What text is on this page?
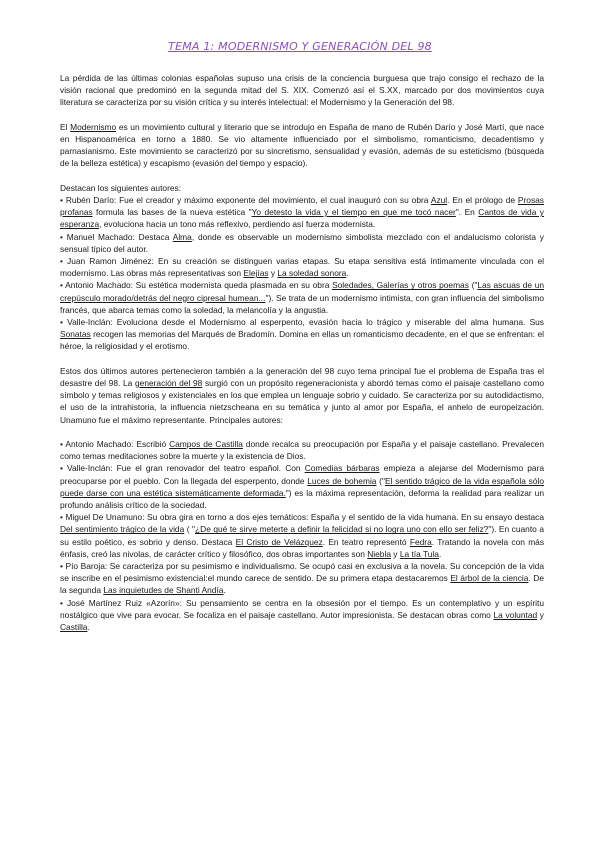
TEMA 1: MODERNISMO Y GENERACIÓN DEL 98

La pérdida de las últimas colonias españolas supuso una crisis de la conciencia burguesa que trajo consigo el rechazo de la visión racional que predominó en la segunda mitad del S. XIX. Comenzó así el S.XX, marcado por dos movimientos cuya literatura se caracteriza por su visión crítica y su interés intelectual: el Modernismo y la Generación del 98.

El Modernismo es un movimiento cultural y literario que se introdujo en España de mano de Rubén Darío y José Martí, que nace en Hispanoamérica en torno a 1880. Se vio altamente influenciado por el simbolismo, romanticismo, decadentismo y parnasianismo. Este movimiento se caracterizó por su sincretismo, sensualidad y evasión, además de su esteticismo (búsqueda de la belleza estética) y escapismo (evasión del tiempo y espacio).

Destacan los siguientes autores:

• Rubén Darío: Fue el creador y máximo exponente del movimiento, el cual inauguró con su obra Azul. En el prólogo de Prosas profanas formula las bases de la nueva estética "Yo detesto la vida y el tiempo en que me tocó nacer". En Cantos de vida y esperanza, evoluciona hacia un tono más reflexivo, perdiendo así fuerza modernista.

• Manuel Machado: Destaca Alma, donde es observable un modernismo simbolista mezclado con el andalucismo colorista y sensual típico del autor.

• Juan Ramon Jiménez: En su creación se distinguen varias etapas. Su etapa sensitiva está íntimamente vinculada con el modernismo. Las obras más representativas son Elejías y La soledad sonora.

• Antonio Machado: Su estética modernista queda plasmada en su obra Soledades, Galerías y otros poemas ("Las ascuas de un crepúsculo morado/detrás del negro cipresal humean..."). Se trata de un modernismo intimista, con gran influencia del simbolismo francés, que abarca temas como la soledad, la melancolía y la angustia.

• Valle-Inclán: Evoluciona desde el Modernismo al esperpento, evasión hacia lo trágico y miserable del alma humana. Sus Sonatas recogen las memorias del Marqués de Bradomín. Domina en ellas un romanticismo decadente, en el que se enfrentan: el héroe, la religiosidad y el erotismo.

Estos dos últimos autores pertenecieron también a la generación del 98 cuyo tema principal fue el problema de España tras el desastre del 98. La generación del 98 surgió con un propósito regeneracionista y abordó temas como el paisaje castellano como símbolo y temas religiosos y existenciales en los que emplea un lenguaje sobrio y cuidado. Se caracteriza por su autodidactismo, el uso de la intrahistoria, la influencia nietzscheana en su temática y junto al amor por España, el anhelo de europeización. Unamuno fue el máximo representante. Principales autores:

• Antonio Machado: Escribió Campos de Castilla donde recalca su preocupación por España y el paisaje castellano. Prevalecen como temas meditaciones sobre la muerte y la existencia de Dios.

• Valle-Inclán: Fue el gran renovador del teatro español. Con Comedias bárbaras empieza a alejarse del Modernismo para preocuparse por el pueblo. Con la llegada del esperpento, donde Luces de bohemia ("El sentido trágico de la vida española sólo puede darse con una estética sistemáticamente deformada.") es la máxima representación, deforma la realidad para realizar un profundo análisis crítico de la sociedad.

• Miguel De Unamuno: Su obra gira en torno a dos ejes temáticos: España y el sentido de la vida humana. En su ensayo destaca Del sentimiento trágico de la vida ( "¿De qué te sirve meterte a definir la felicidad si no logra uno con ello ser feliz?"). En cuanto a su estilo poético, es sobrio y denso. Destaca El Cristo de Velázquez. En teatro representó Fedra. Tratando la novela con más énfasis, creó las nivolas, de carácter crítico y filosófico, dos obras importantes son Niebla y La tía Tula.

• Pío Baroja: Se caracteriza por su pesimismo e individualismo. Se ocupó casi en exclusiva a la novela. Su concepción de la vida se inscribe en el pesimismo existencial:el mundo carece de sentido. De su primera etapa destacaremos El árbol de la ciencia. De la segunda Las inquietudes de Shanti Andía.

• José Martínez Ruiz «Azorín»: Su pensamiento se centra en la obsesión por el tiempo. Es un contemplativo y un espíritu nostálgico que vive para evocar. Se focaliza en el paisaje castellano. Autor impresionista. Se destacan obras como La voluntad y Castilla.
